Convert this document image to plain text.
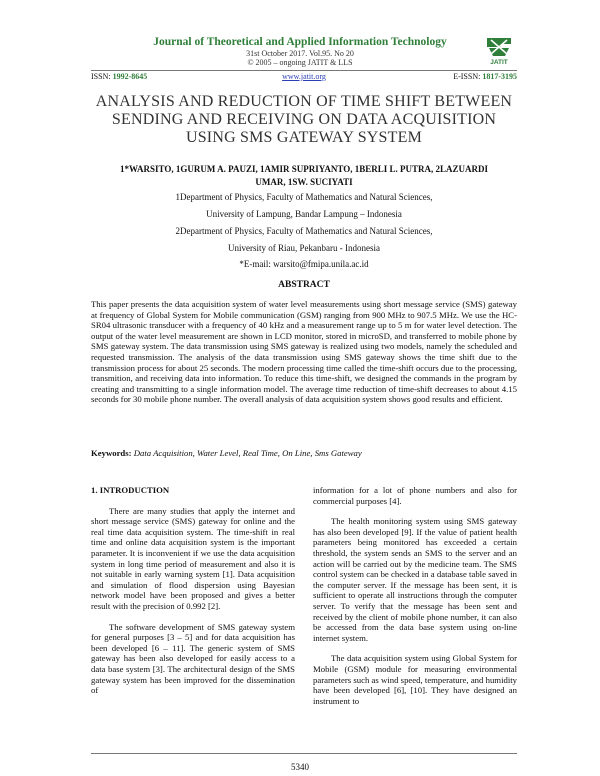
Journal of Theoretical and Applied Information Technology
31st October 2017. Vol.95. No 20
© 2005 – ongoing JATIT & LLS	JATIT
ISSN: 1992-8645	www.jatit.org	E-ISSN: 1817-3195
ANALYSIS AND REDUCTION OF TIME SHIFT BETWEEN SENDING AND RECEIVING ON DATA ACQUISITION USING SMS GATEWAY SYSTEM
1*WARSITO, 1GURUM A. PAUZI, 1AMIR SUPRIYANTO, 1BERLI L. PUTRA, 2LAZUARDI
UMAR, 1SW. SUCIYATI
1Department of Physics, Faculty of Mathematics and Natural Sciences,
University of Lampung, Bandar Lampung – Indonesia
2Department of Physics, Faculty of Mathematics and Natural Sciences,
University of Riau, Pekanbaru - Indonesia
*E-mail: warsito@fmipa.unila.ac.id
ABSTRACT
This paper presents the data acquisition system of water level measurements using short message service (SMS) gateway at frequency of Global System for Mobile communication (GSM) ranging from 900 MHz to 907.5 MHz. We use the HC-SR04 ultrasonic transducer with a frequency of 40 kHz and a measurement range up to 5 m for water level detection. The output of the water level measurement are shown in LCD monitor, stored in microSD, and transferred to mobile phone by SMS gateway system. The data transmission using SMS gateway is realized using two models, namely the scheduled and requested transmission. The analysis of the data transmission using SMS gateway shows the time shift due to the transmission process for about 25 seconds. The modern processing time called the time-shift occurs due to the processing, transmition, and receiving data into information. To reduce this time-shift, we designed the commands in the program by creating and transmitting to a single information model. The average time reduction of time-shift decreases to about 4.15 seconds for 30 mobile phone number. The overall analysis of data acquisition system shows good results and efficient.
Keywords: Data Acquisition, Water Level, Real Time, On Line, Sms Gateway

1. INTRODUCTION

There are many studies that apply the internet and short message service (SMS) gateway for online and the real time data acquisition system. The time-shift in real time and online data acquisition system is the important parameter. It is inconvenient if we use the data acquisition system in long time period of measurement and also it is not suitable in early warning system [1]. Data acquisition and simulation of flood dispersion using Bayesian network model have been proposed and gives a better result with the precision of 0.992 [2].

The software development of SMS gateway system for general purposes [3 – 5] and for data acquisition has been developed [6 – 11]. The generic system of SMS gateway has been also developed for easily access to a data base system [3]. The architectural design of the SMS gateway system has been improved for the dissemination of

information for a lot of phone numbers and also for commercial purposes [4].

The health monitoring system using SMS gateway has also been developed [9]. If the value of patient health parameters being monitored has exceeded a certain threshold, the system sends an SMS to the server and an action will be carried out by the medicine team. The SMS control system can be checked in a database table saved in the computer server. If the message has been sent, it is sufficient to operate all instructions through the computer server. To verify that the message has been sent and received by the client of mobile phone number, it can also be accessed from the data base system using on-line internet system.

The data acquisition system using Global System for Mobile (GSM) module for measuring environmental parameters such as wind speed, temperature, and humidity have been developed [6], [10]. They have designed an instrument to

5340
